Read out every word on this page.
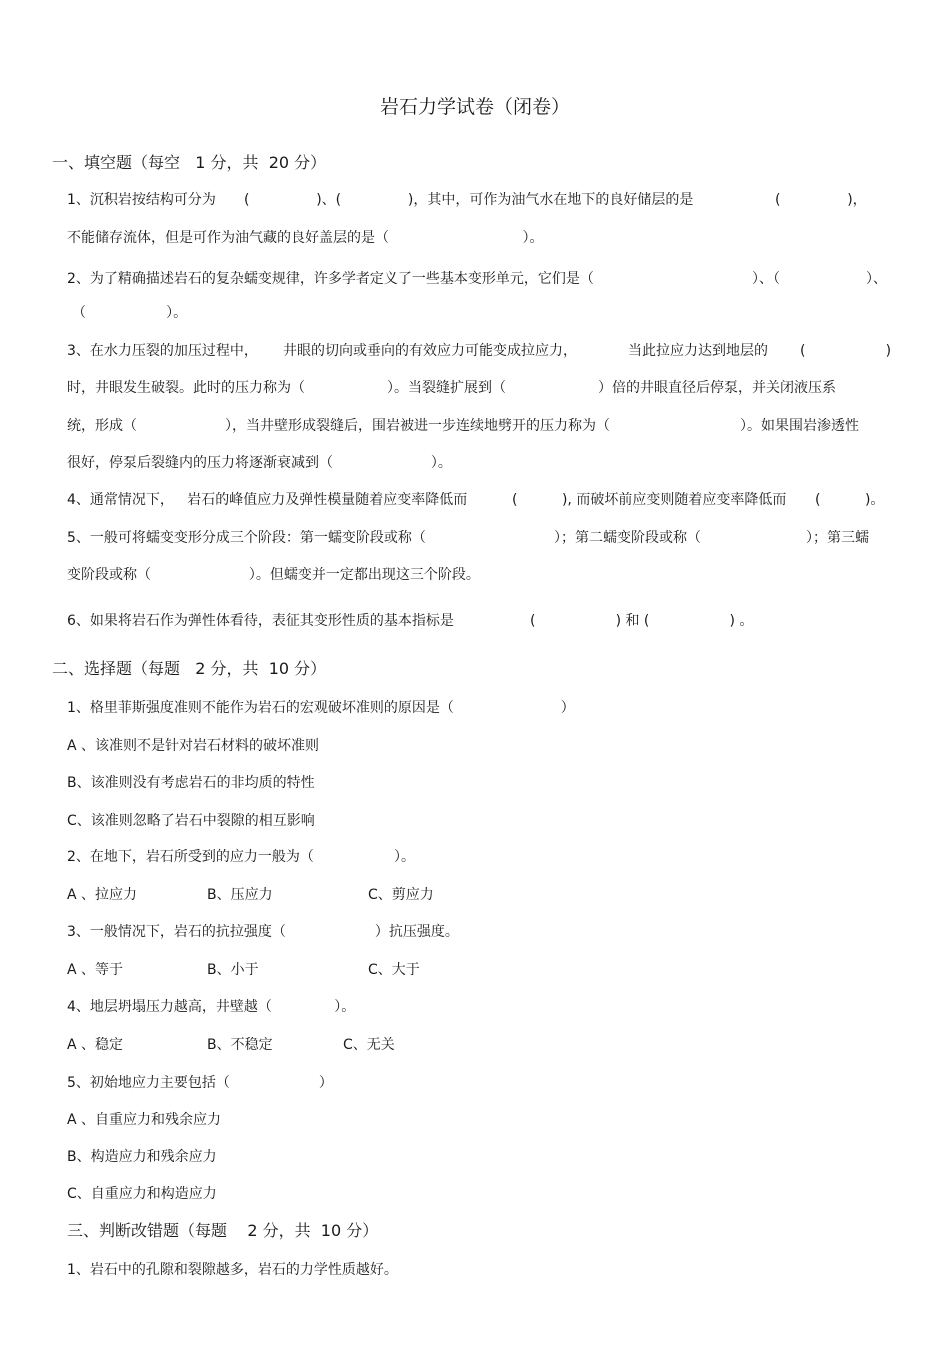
岩石力学试卷（闭卷）
一、填空题（每空   1 分，共  20 分）
1、沉积岩按结构可分为 (               )、(               )，其中，可作为油气水在地下的良好储层的是	(               )，
不能储存流体，但是可作为油气藏的良好盖层的是（                              ）。
2、为了精确描述岩石的复杂蠕变规律，许多学者定义了一些基本变形单元，它们是（	）、（	）、
（                  ）。
3、在水力压裂的加压过程中， 井眼的切向或垂向的有效应力可能变成拉应力，	当此拉应力达到地层的 (                  )
时，井眼发生破裂。此时的压力称为（	）。当裂缝扩展到（	）倍的井眼直径后停泵，并关闭液压系
统，形成（	），当井壁形成裂缝后，围岩被进一步连续地劈开的压力称为（	）。如果围岩渗透性
很好，停泵后裂缝内的压力将逐渐衰减到（                      ）。
4、通常情况下，   岩石的峰值应力及弹性模量随着应变率降低而	(          ), 而破坏前应变则随着应变率降低而 (          )。
5、一般可将蠕变变形分成三个阶段：第一蠕变阶段或称（	）；第二蠕变阶段或称（	）；第三蠕
变阶段或称（                      ）。但蠕变并一定都出现这三个阶段。
6、如果将岩石作为弹性体看待，表征其变形性质的基本指标是	(                  ) 和 (                  ) 。
二、选择题（每题   2 分，共  10 分）
1、格里菲斯强度准则不能作为岩石的宏观破坏准则的原因是（                        ）
A 、该准则不是针对岩石材料的破坏准则
B、该准则没有考虑岩石的非均质的特性
C、该准则忽略了岩石中裂隙的相互影响
2、在地下，岩石所受到的应力一般为（                  ）。
A 、拉应力	B、压应力	C、剪应力
3、一般情况下，岩石的抗拉强度（                    ）抗压强度。
A 、等于	B、小于	C、大于
4、地层坍塌压力越高，井壁越（              ）。
A 、稳定	B、不稳定	C、无关
5、初始地应力主要包括（                    ）
A 、自重应力和残余应力
B、构造应力和残余应力
C、自重应力和构造应力
三、判断改错题（每题    2 分，共  10 分）
1、岩石中的孔隙和裂隙越多，岩石的力学性质越好。
